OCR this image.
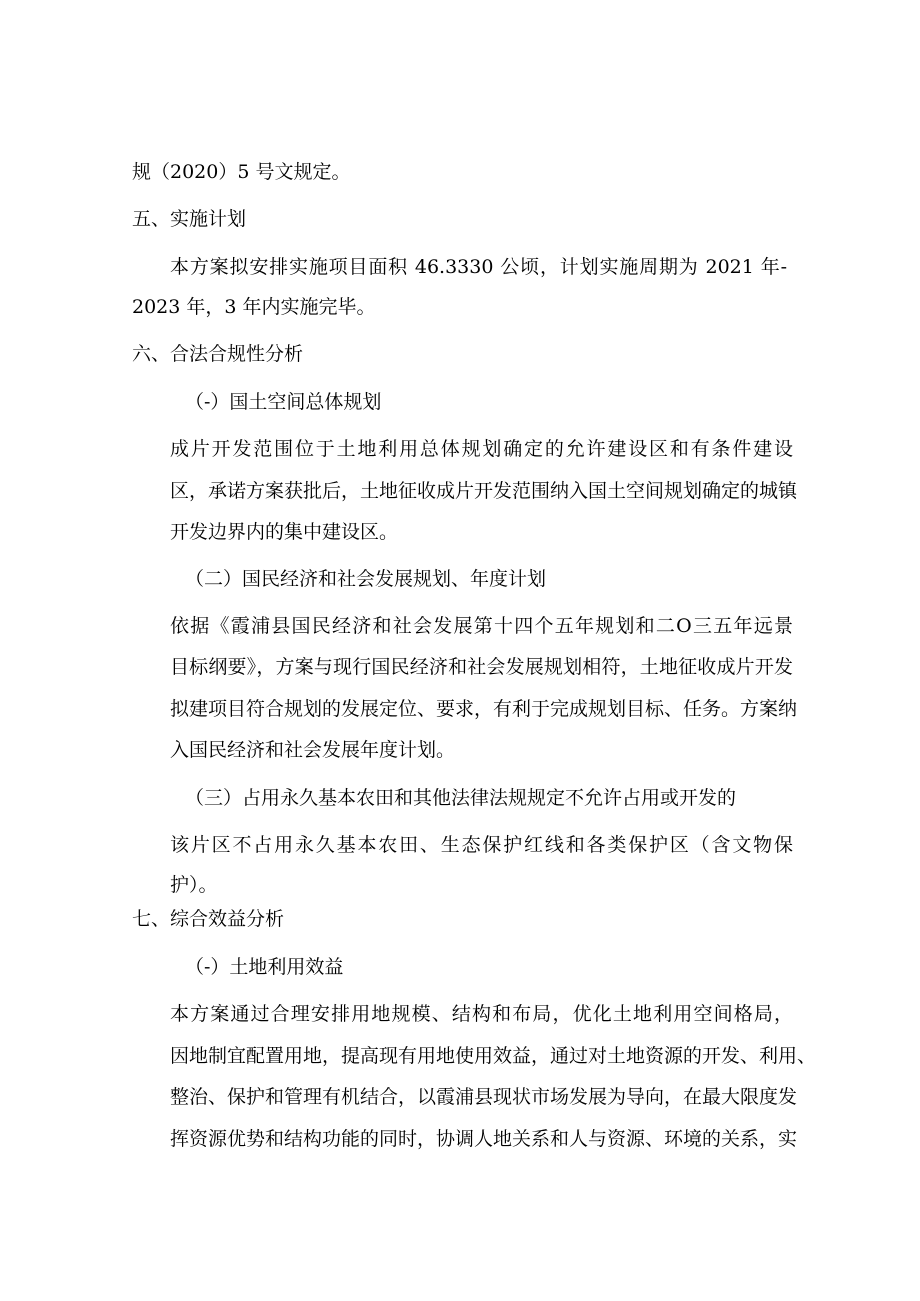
规（2020）5 号文规定。

五、实施计划

本方案拟安排实施项目面积 46.3330 公顷，计划实施周期为 2021 年-

2023 年，3 年内实施完毕。

六、合法合规性分析

（-）国土空间总体规划

成片开发范围位于土地利用总体规划确定的允许建设区和有条件建设

区，承诺方案获批后，土地征收成片开发范围纳入国土空间规划确定的城镇

开发边界内的集中建设区。

（二）国民经济和社会发展规划、年度计划

依据《霞浦县国民经济和社会发展第十四个五年规划和二O三五年远景

目标纲要》，方案与现行国民经济和社会发展规划相符，土地征收成片开发

拟建项目符合规划的发展定位、要求，有利于完成规划目标、任务。方案纳

入国民经济和社会发展年度计划。

（三）占用永久基本农田和其他法律法规规定不允许占用或开发的

该片区不占用永久基本农田、生态保护红线和各类保护区（含文物保

护）。

七、综合效益分析

（-）土地利用效益

本方案通过合理安排用地规模、结构和布局，优化土地利用空间格局，

因地制宜配置用地，提高现有用地使用效益，通过对土地资源的开发、利用、

整治、保护和管理有机结合，以霞浦县现状市场发展为导向，在最大限度发

挥资源优势和结构功能的同时，协调人地关系和人与资源、环境的关系，实
